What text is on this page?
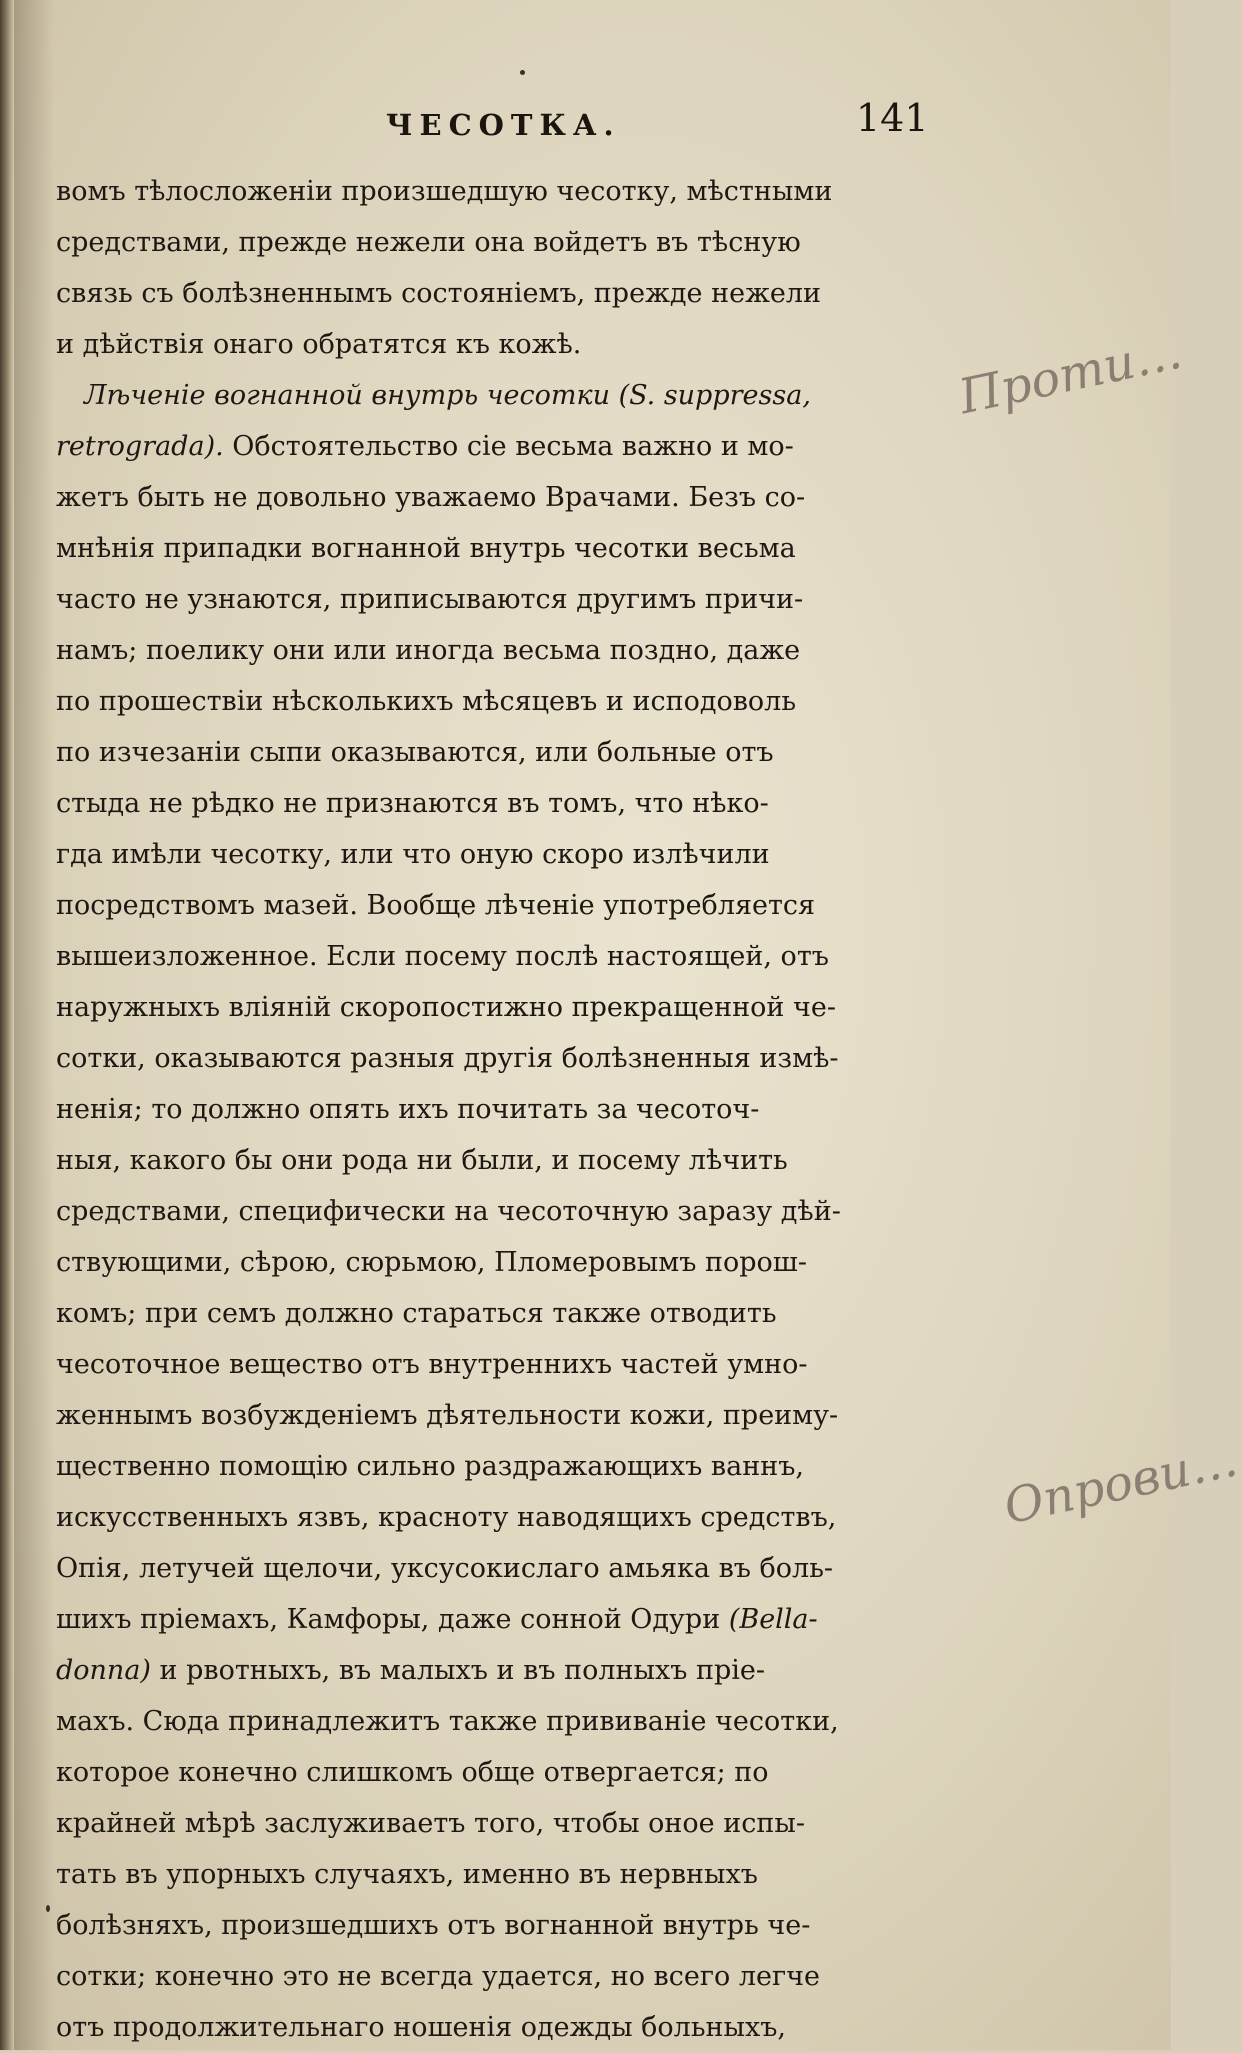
ЧЕСОТКА.	141
вомъ тѣлосложеніи произшедшую чесотку, мѣстными
средствами, прежде нежели она войдетъ въ тѣсную
связь съ болѣзненнымъ состояніемъ, прежде нежели
и дѣйствія онаго обратятся къ кожѣ.
Лѣченіе вогнанной внутрь чесотки (S. suppressa,
retrograda). Обстоятельство сіе весьма важно и мо-
жетъ быть не довольно уважаемо Врачами. Безъ со-
мнѣнія припадки вогнанной внутрь чесотки весьма
часто не узнаются, приписываются другимъ причи-
намъ; поелику они или иногда весьма поздно, даже
по прошествіи нѣсколькихъ мѣсяцевъ и исподоволь
по изчезаніи сыпи оказываются, или больные отъ
стыда не рѣдко не признаются въ томъ, что нѣко-
гда имѣли чесотку, или что оную скоро излѣчили
посредствомъ мазей. Вообще лѣченіе употребляется
вышеизложенное. Если посему послѣ настоящей, отъ
наружныхъ вліяній скоропостижно прекращенной че-
сотки, оказываются разныя другія болѣзненныя измѣ-
ненія; то должно опять ихъ почитать за чесоточ-
ныя, какого бы они рода ни были, и посему лѣчить
средствами, специфически на чесоточную заразу дѣй-
ствующими, сѣрою, сюрьмою, Пломеровымъ порош-
комъ; при семъ должно стараться также отводить
чесоточное вещество отъ внутреннихъ частей умно-
женнымъ возбужденіемъ дѣятельности кожи, преиму-
щественно помощію сильно раздражающихъ ваннъ,
искусственныхъ язвъ, краснoту наводящихъ средствъ,
Опія, летучей щелочи, уксусокислаго амьяка въ боль-
шихъ пріемахъ, Камфоры, даже сонной Одури (Bella-
donna) и рвотныхъ, въ малыхъ и въ полныхъ пріе-
махъ. Сюда принадлежитъ также прививаніе чесотки,
которое конечно слишкомъ обще отвергается; по
крайней мѣрѣ заслуживаетъ того, чтобы оное испы-
тать въ упорныхъ случаяхъ, именно въ нервныхъ
болѣзняхъ, произшедшихъ отъ вогнанной внутрь че-
сотки; конечно это не всегда удается, но всего легче
отъ продолжительнаго ношенія одежды больныхъ,
Проти…
Опрови…
